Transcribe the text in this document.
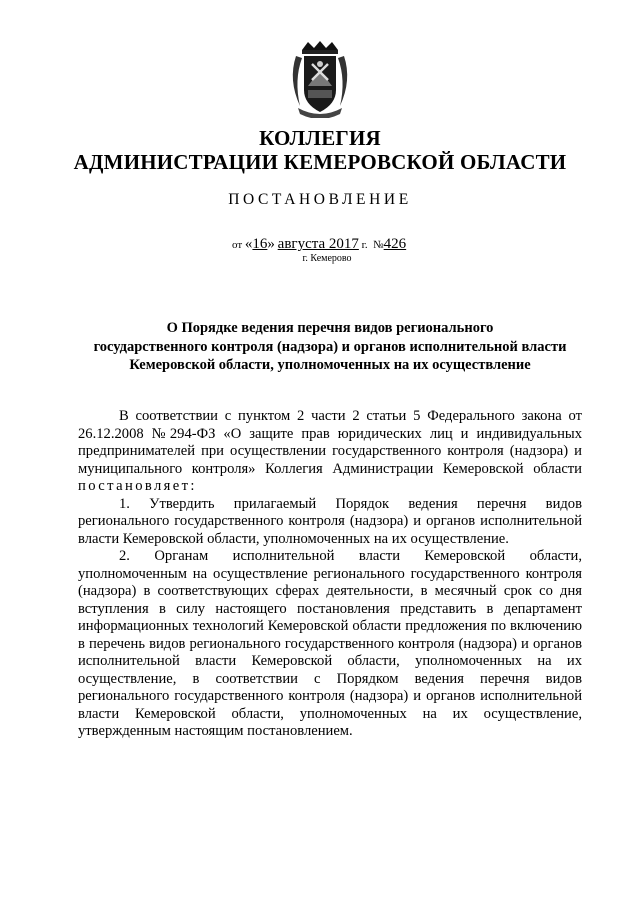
КОЛЛЕГИЯ
АДМИНИСТРАЦИИ КЕМЕРОВСКОЙ ОБЛАСТИ
ПОСТАНОВЛЕНИЕ
от «16» августа 2017 г. №426
г. Кемерово
О Порядке ведения перечня видов регионального
государственного контроля (надзора) и органов исполнительной власти
Кемеровской области, уполномоченных на их осуществление

В соответствии с пунктом 2 части 2 статьи 5 Федерального закона от 26.12.2008 №294-ФЗ «О защите прав юридических лиц и индивидуальных предпринимателей при осуществлении государственного контроля (надзора) и муниципального контроля» Коллегия Администрации Кемеровской области постановляет:

1. Утвердить прилагаемый Порядок ведения перечня видов регионального государственного контроля (надзора) и органов исполнительной власти Кемеровской области, уполномоченных на их осуществление.

2. Органам исполнительной власти Кемеровской области, уполномоченным на осуществление регионального государственного контроля (надзора) в соответствующих сферах деятельности, в месячный срок со дня вступления в силу настоящего постановления представить в департамент информационных технологий Кемеровской области предложения по включению в перечень видов регионального государственного контроля (надзора) и органов исполнительной власти Кемеровской области, уполномоченных на их осуществление, в соответствии с Порядком ведения перечня видов регионального государственного контроля (надзора) и органов исполнительной власти Кемеровской области, уполномоченных на их осуществление, утвержденным настоящим постановлением.
